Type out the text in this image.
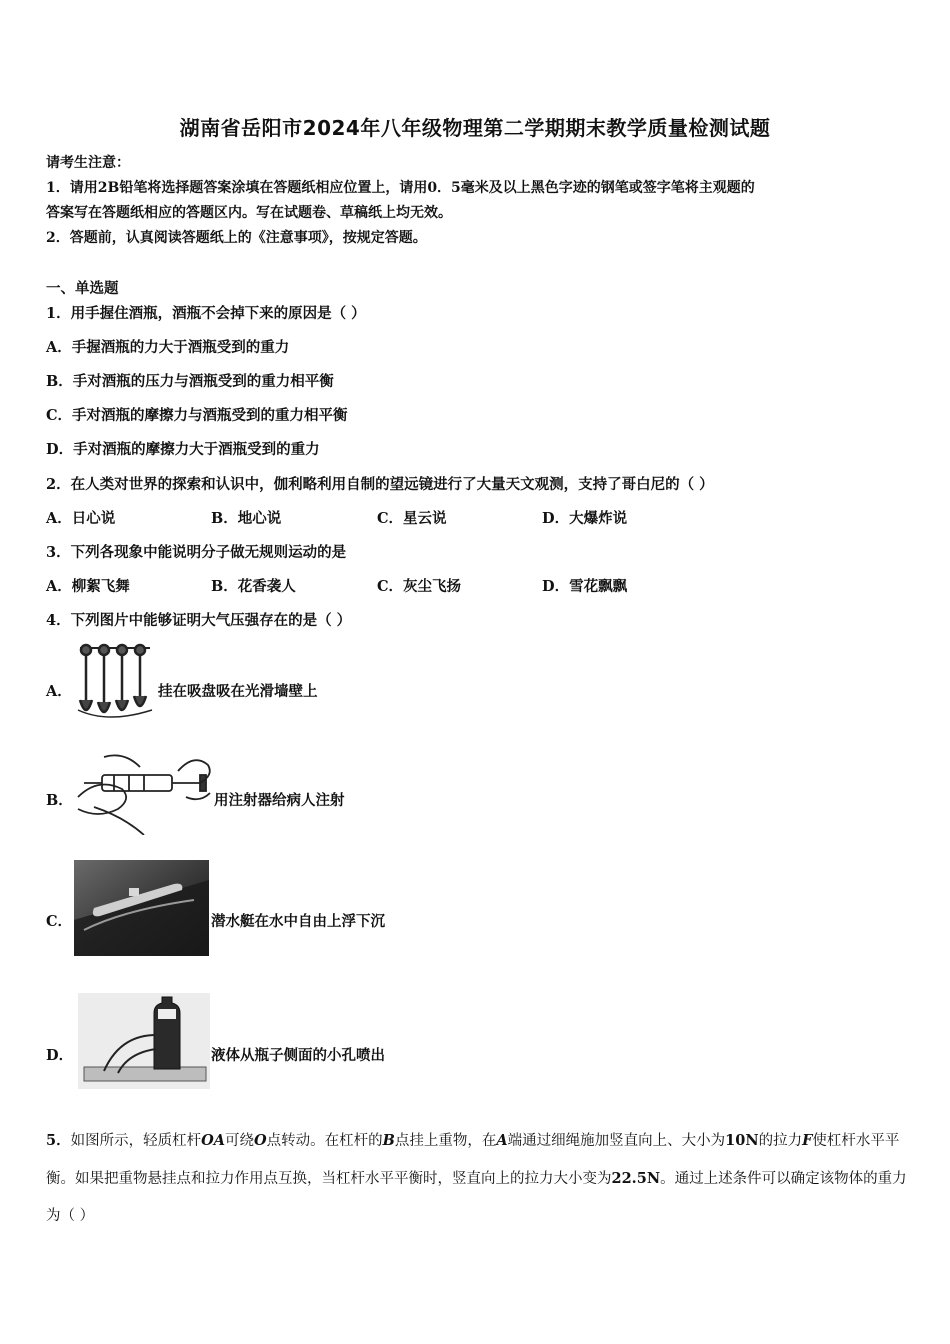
湖南省岳阳市2024年八年级物理第二学期期末教学质量检测试题
请考生注意：
1．请用2B铅笔将选择题答案涂填在答题纸相应位置上，请用0．5毫米及以上黑色字迹的钢笔或签字笔将主观题的
答案写在答题纸相应的答题区内。写在试题卷、草稿纸上均无效。
2．答题前，认真阅读答题纸上的《注意事项》，按规定答题。
一、单选题
1．用手握住酒瓶，酒瓶不会掉下来的原因是（ ）
A．手握酒瓶的力大于酒瓶受到的重力
B．手对酒瓶的压力与酒瓶受到的重力相平衡
C．手对酒瓶的摩擦力与酒瓶受到的重力相平衡
D．手对酒瓶的摩擦力大于酒瓶受到的重力
2．在人类对世界的探索和认识中，伽利略利用自制的望远镜进行了大量天文观测，支持了哥白尼的（ ）
A．日心说	B．地心说	C．星云说	D．大爆炸说
3．下列各现象中能说明分子做无规则运动的是
A．柳絮飞舞	B．花香袭人	C．灰尘飞扬	D．雪花飘飘
4．下列图片中能够证明大气压强存在的是（ ）
A．	挂在吸盘吸在光滑墙壁上
B．	用注射器给病人注射
C．	潜水艇在水中自由上浮下沉
D．	液体从瓶子侧面的小孔喷出
5．如图所示，轻质杠杆OA可绕O点转动。在杠杆的B点挂上重物，在A端通过细绳施加竖直向上、大小为10N的拉力F使杠杆水平平衡。如果把重物悬挂点和拉力作用点互换，当杠杆水平平衡时，竖直向上的拉力大小变为22.5N。通过上述条件可以确定该物体的重力为（ ）
